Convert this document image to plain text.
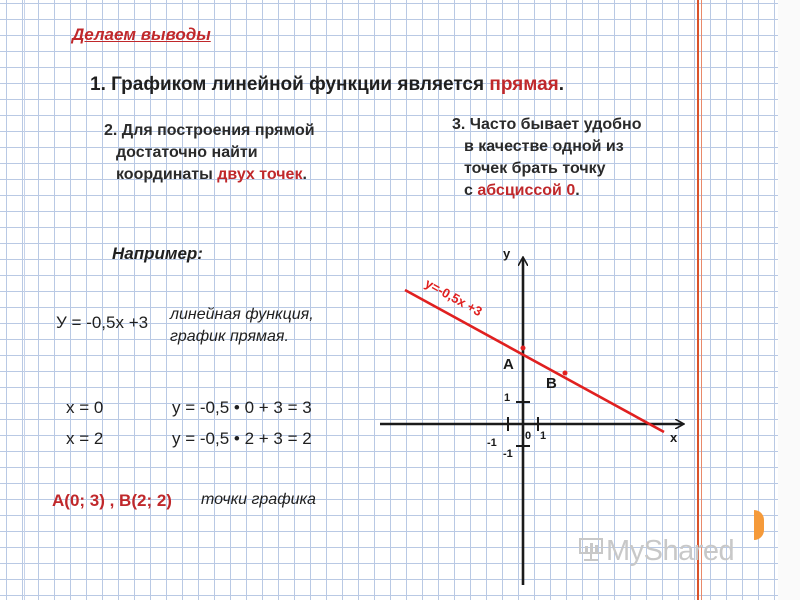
Делаем выводы

1. Графиком линейной функции является прямая.

2. Для построения прямой
достаточно найти
координаты двух точек.
3. Часто бывает удобно
в качестве одной из
точек брать точку
с абсциссой 0.

Например:

У = -0,5х +3 линейная функция,
график прямая.

х = 0	у = -0,5 • 0 + 3 = 3

х = 2	у = -0,5 • 2 + 3 = 2

А(0; 3) , В(2; 2) точки графика

у=-0,5х +3
А
В
у
х
0 1
-1
1
-1

MyShared
